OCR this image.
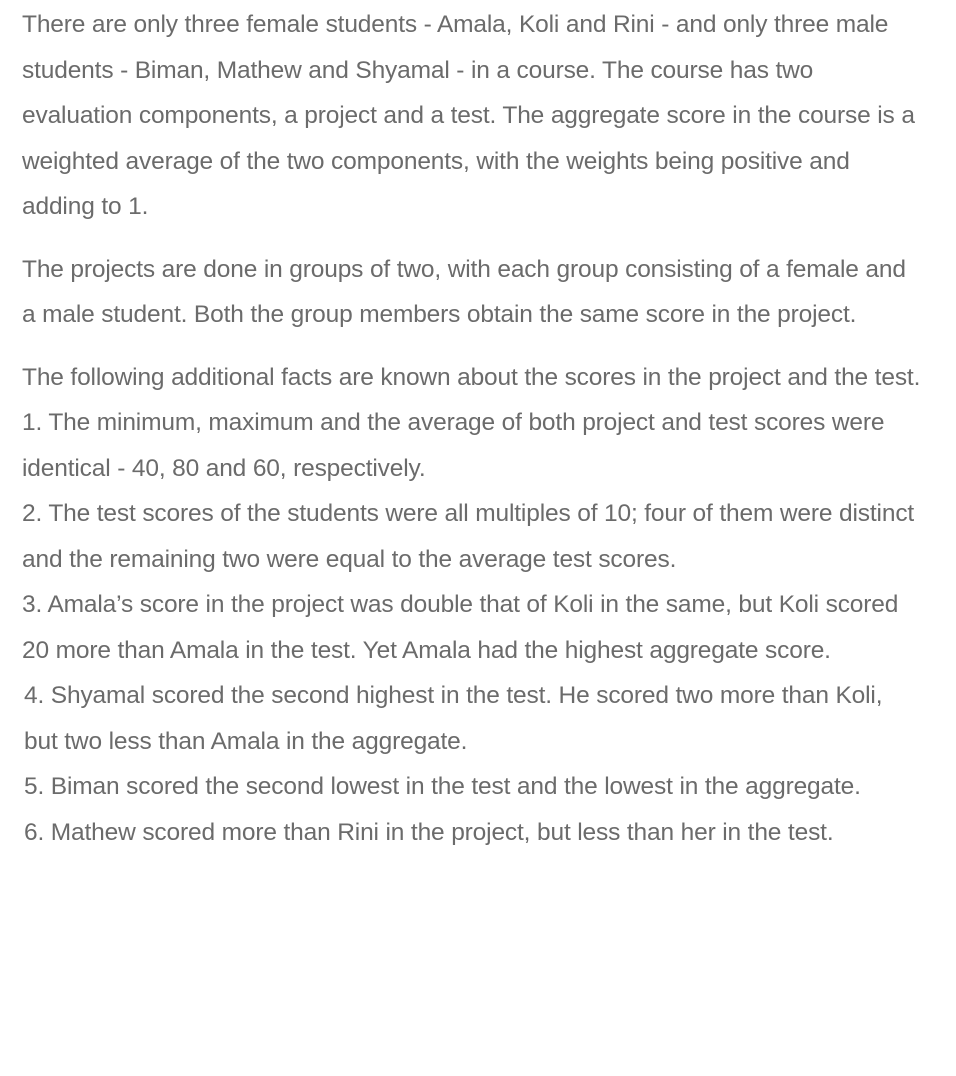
There are only three female students - Amala, Koli and Rini - and only three male students - Biman, Mathew and Shyamal - in a course. The course has two evaluation components, a project and a test. The aggregate score in the course is a weighted average of the two components, with the weights being positive and adding to 1.

The projects are done in groups of two, with each group consisting of a female and a male student. Both the group members obtain the same score in the project.

The following additional facts are known about the scores in the project and the test.

1. The minimum, maximum and the average of both project and test scores were identical - 40, 80 and 60, respectively.

2. The test scores of the students were all multiples of 10; four of them were distinct and the remaining two were equal to the average test scores.

3. Amala’s score in the project was double that of Koli in the same, but Koli scored 20 more than Amala in the test. Yet Amala had the highest aggregate score.

4. Shyamal scored the second highest in the test. He scored two more than Koli, but two less than Amala in the aggregate.

5. Biman scored the second lowest in the test and the lowest in the aggregate.

6. Mathew scored more than Rini in the project, but less than her in the test.
